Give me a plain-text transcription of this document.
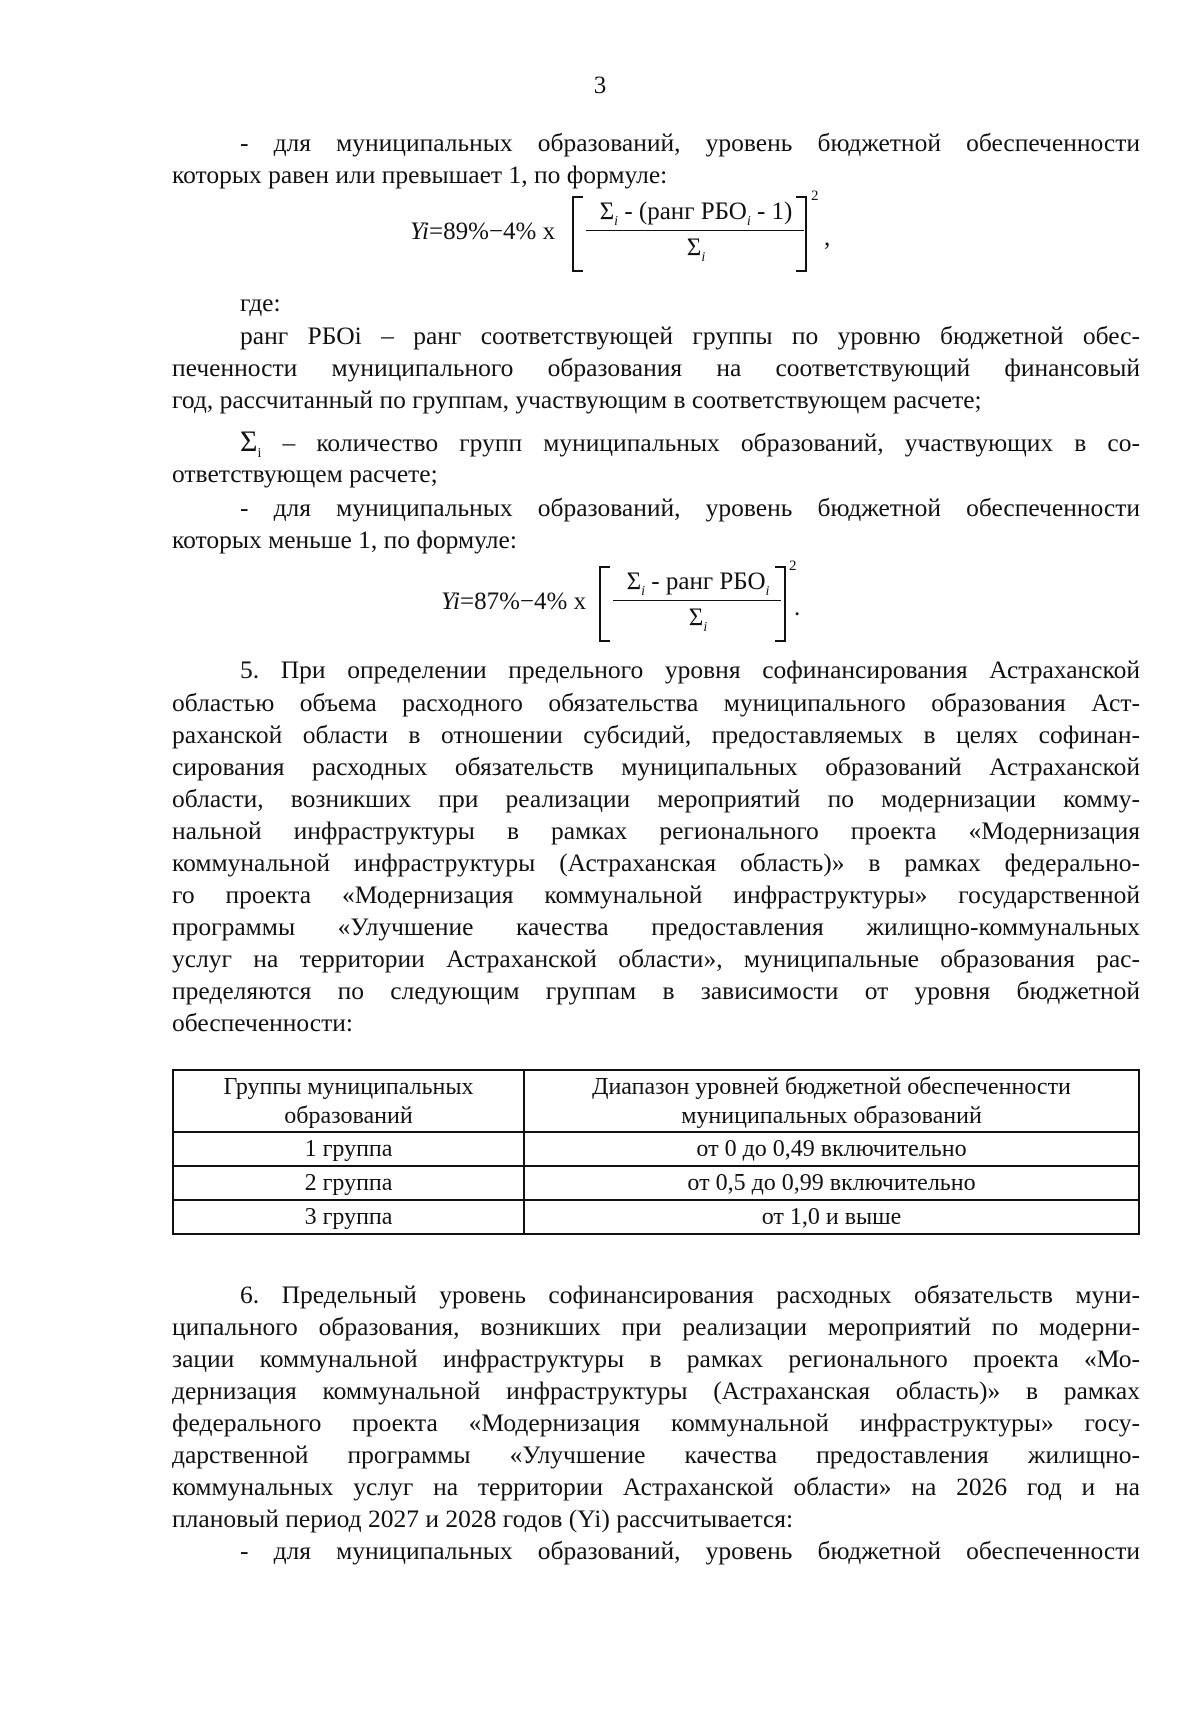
3
- для муниципальных образований, уровень бюджетной обеспеченности
которых равен или превышает 1, по формуле:
Yi=89%−4% x
$\Sigma_i$ - (ранг $РБО_i - 1$)
$\Sigma_i$
2
,
где:
ранг РБОi – ранг соответствующей группы по уровню бюджетной обес-
печенности муниципального образования на соответствующий финансовый
год, рассчитанный по группам, участвующим в соответствующем расчете;
$\Sigma_i$ – количество групп муниципальных образований, участвующих в со-
ответствующем расчете;
- для муниципальных образований, уровень бюджетной обеспеченности
которых меньше 1, по формуле:
Yi=87%−4% x
$\Sigma_i$ - ранг $РБО_i$
$\Sigma_i$
2
.
5. При определении предельного уровня софинансирования Астраханской
областью объема расходного обязательства муниципального образования Аст-
раханской области в отношении субсидий, предоставляемых в целях софинан-
сирования расходных обязательств муниципальных образований Астраханской
области, возникших при реализации мероприятий по модернизации комму-
нальной инфраструктуры в рамках регионального проекта «Модернизация
коммунальной инфраструктуры (Астраханская область)» в рамках федерально-
го проекта «Модернизация коммунальной инфраструктуры» государственной
программы «Улучшение качества предоставления жилищно-коммунальных
услуг на территории Астраханской области», муниципальные образования рас-
пределяются по следующим группам в зависимости от уровня бюджетной
обеспеченности:
Группы муниципальных
образований	Диапазон уровней бюджетной обеспеченности
муниципальных образований
1 группа	от 0 до 0,49 включительно
2 группа	от 0,5 до 0,99 включительно
3 группа	от 1,0 и выше
6. Предельный уровень софинансирования расходных обязательств муни-
ципального образования, возникших при реализации мероприятий по модерни-
зации коммунальной инфраструктуры в рамках регионального проекта «Мо-
дернизация коммунальной инфраструктуры (Астраханская область)» в рамках
федерального проекта «Модернизация коммунальной инфраструктуры» госу-
дарственной программы «Улучшение качества предоставления жилищно-
коммунальных услуг на территории Астраханской области» на 2026 год и на
плановый период 2027 и 2028 годов (Yi) рассчитывается:
- для муниципальных образований, уровень бюджетной обеспеченности
